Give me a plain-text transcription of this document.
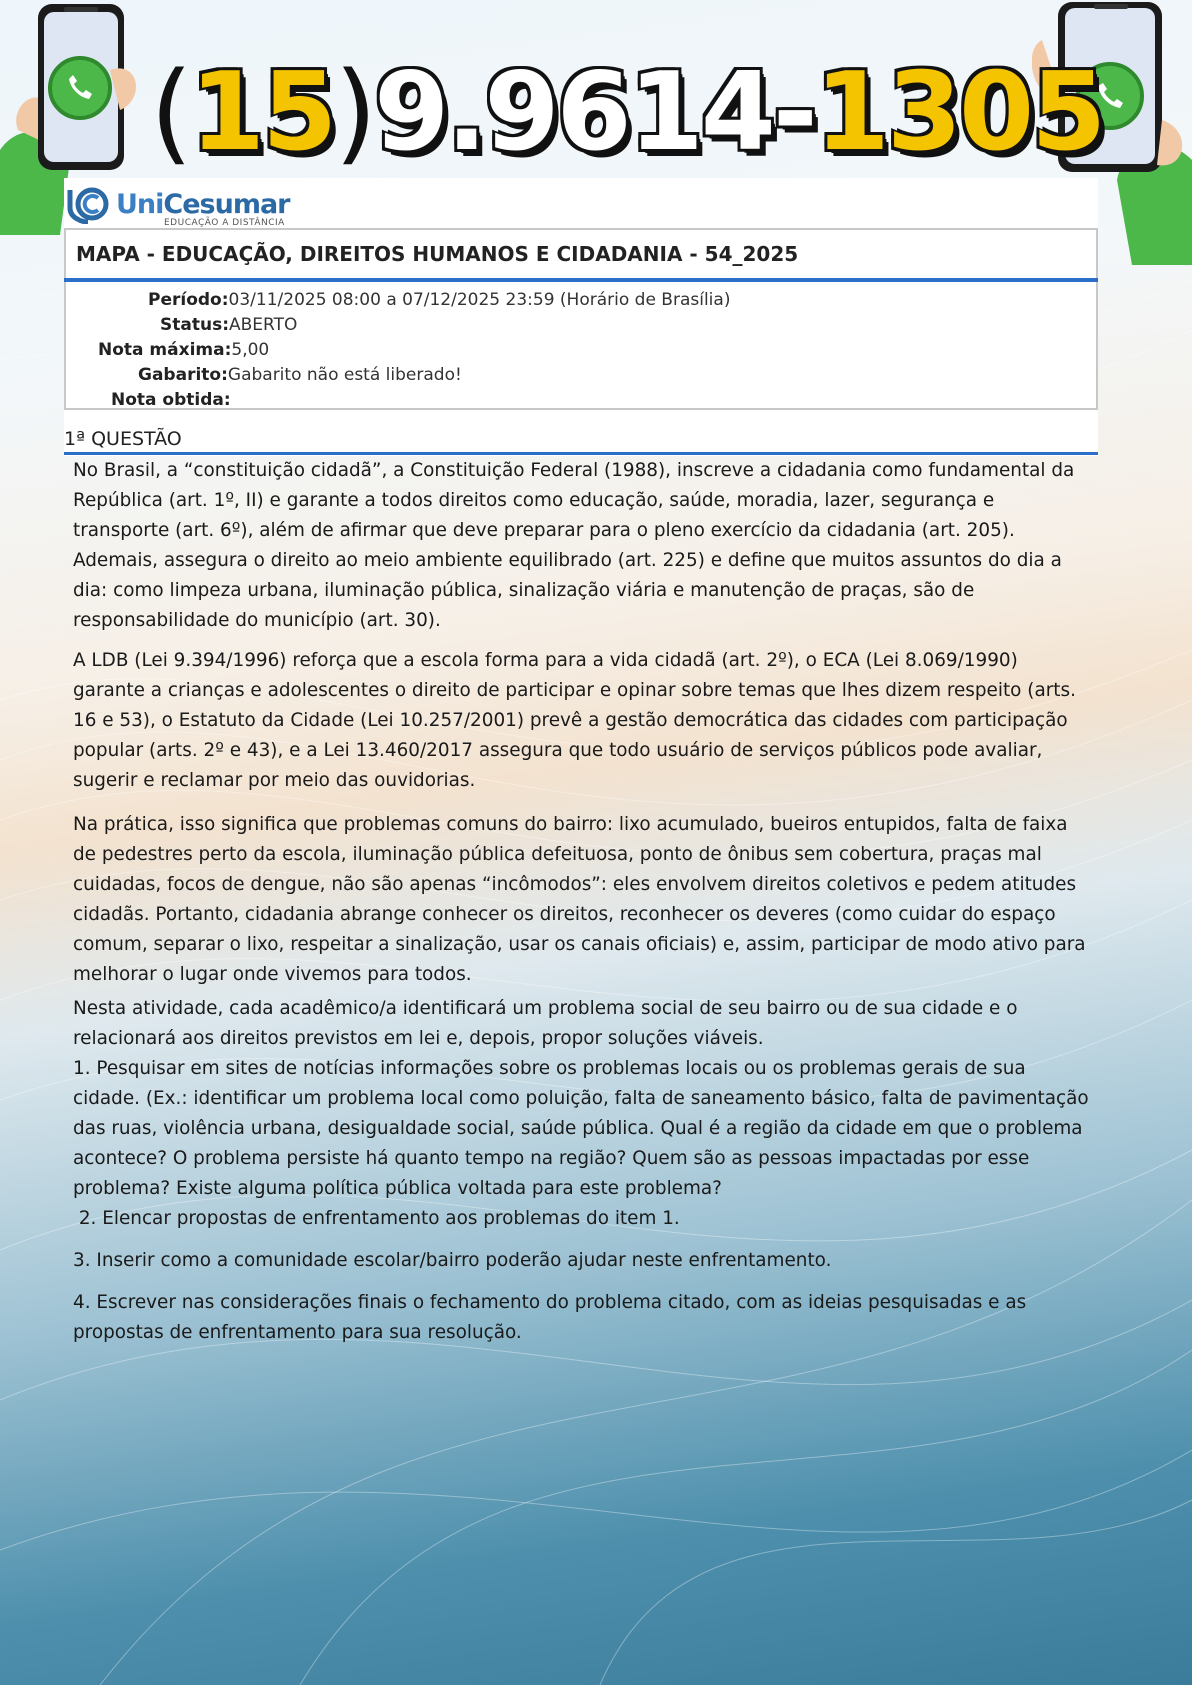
( 15 ) 9.96 14- 1305
UniCesumar
EDUCAÇÃO A DISTÂNCIA
MAPA - EDUCAÇÃO, DIREITOS HUMANOS E CIDADANIA - 54_2025
Período:03/11/2025 08:00 a 07/12/2025 23:59 (Horário de Brasília)
Status:ABERTO
Nota máxima:5,00
Gabarito:Gabarito não está liberado!
Nota obtida:
1ª QUESTÃO

No Brasil, a “constituição cidadã”, a Constituição Federal (1988), inscreve a cidadania como fundamental da República (art. 1º, II) e garante a todos direitos como educação, saúde, moradia, lazer, segurança e transporte (art. 6º), além de afirmar que deve preparar para o pleno exercício da cidadania (art. 205). Ademais, assegura o direito ao meio ambiente equilibrado (art. 225) e define que muitos assuntos do dia a dia: como limpeza urbana, iluminação pública, sinalização viária e manutenção de praças, são de responsabilidade do município (art. 30).

A LDB (Lei 9.394/1996) reforça que a escola forma para a vida cidadã (art. 2º), o ECA (Lei 8.069/1990) garante a crianças e adolescentes o direito de participar e opinar sobre temas que lhes dizem respeito (arts. 16 e 53), o Estatuto da Cidade (Lei 10.257/2001) prevê a gestão democrática das cidades com participação popular (arts. 2º e 43), e a Lei 13.460/2017 assegura que todo usuário de serviços públicos pode avaliar, sugerir e reclamar por meio das ouvidorias.

Na prática, isso significa que problemas comuns do bairro: lixo acumulado, bueiros entupidos, falta de faixa de pedestres perto da escola, iluminação pública defeituosa, ponto de ônibus sem cobertura, praças mal cuidadas, focos de dengue, não são apenas “incômodos”: eles envolvem direitos coletivos e pedem atitudes cidadãs. Portanto, cidadania abrange conhecer os direitos, reconhecer os deveres (como cuidar do espaço comum, separar o lixo, respeitar a sinalização, usar os canais oficiais) e, assim, participar de modo ativo para melhorar o lugar onde vivemos para todos.

Nesta atividade, cada acadêmico/a identificará um problema social de seu bairro ou de sua cidade e o relacionará aos direitos previstos em lei e, depois, propor soluções viáveis.

1. Pesquisar em sites de notícias informações sobre os problemas locais ou os problemas gerais de sua cidade. (Ex.: identificar um problema local como poluição, falta de saneamento básico, falta de pavimentação das ruas, violência urbana, desigualdade social, saúde pública. Qual é a região da cidade em que o problema acontece? O problema persiste há quanto tempo na região? Quem são as pessoas impactadas por esse problema? Existe alguma política pública voltada para este problema?

2. Elencar propostas de enfrentamento aos problemas do item 1.

3. Inserir como a comunidade escolar/bairro poderão ajudar neste enfrentamento.

4. Escrever nas considerações finais o fechamento do problema citado, com as ideias pesquisadas e as propostas de enfrentamento para sua resolução.
